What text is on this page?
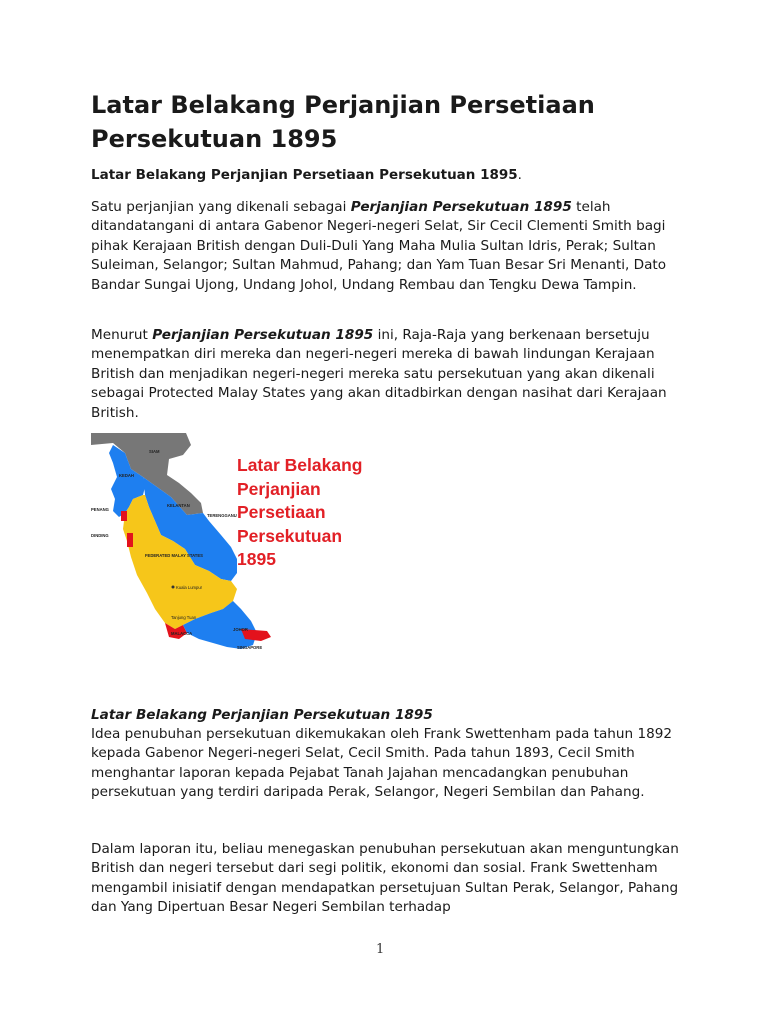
Latar Belakang Perjanjian Persetiaan Persekutuan 1895

Latar Belakang Perjanjian Persetiaan Persekutuan 1895.

Satu perjanjian yang dikenali sebagai Perjanjian Persekutuan 1895 telah ditandatangani di antara Gabenor Negeri-negeri Selat, Sir Cecil Clementi Smith bagi pihak Kerajaan British dengan Duli-Duli Yang Maha Mulia Sultan Idris, Perak; Sultan Suleiman, Selangor; Sultan Mahmud, Pahang; dan Yam Tuan Besar Sri Menanti, Dato Bandar Sungai Ujong, Undang Johol, Undang Rembau dan Tengku Dewa Tampin.

Menurut Perjanjian Persekutuan 1895 ini, Raja-Raja yang berkenaan bersetuju menempatkan diri mereka dan negeri-negeri mereka di bawah lindungan Kerajaan British dan menjadikan negeri-negeri mereka satu persekutuan yang akan dikenali sebagai Protected Malay States yang akan ditadbirkan dengan nasihat dari Kerajaan British.

SIAM
KEDAH
PENANG
DINDING
KELANTAN
TERENGGANU
FEDERATED MALAY STATES
Kuala Lumpur
Tanjung Tuan
MALACCA
JOHOR
SINGAPORE

Latar Belakang
Perjanjian
Persetiaan
Persekutuan
1895

Latar Belakang Perjanjian Persekutuan 1895

Idea penubuhan persekutuan dikemukakan oleh Frank Swettenham pada tahun 1892 kepada Gabenor Negeri-negeri Selat, Cecil Smith. Pada tahun 1893, Cecil Smith menghantar laporan kepada Pejabat Tanah Jajahan mencadangkan penubuhan persekutuan yang terdiri daripada Perak, Selangor, Negeri Sembilan dan Pahang.

Dalam laporan itu, beliau menegaskan penubuhan persekutuan akan menguntungkan British dan negeri tersebut dari segi politik, ekonomi dan sosial. Frank Swettenham mengambil inisiatif dengan mendapatkan persetujuan Sultan Perak, Selangor, Pahang dan Yang Dipertuan Besar Negeri Sembilan terhadap

1
